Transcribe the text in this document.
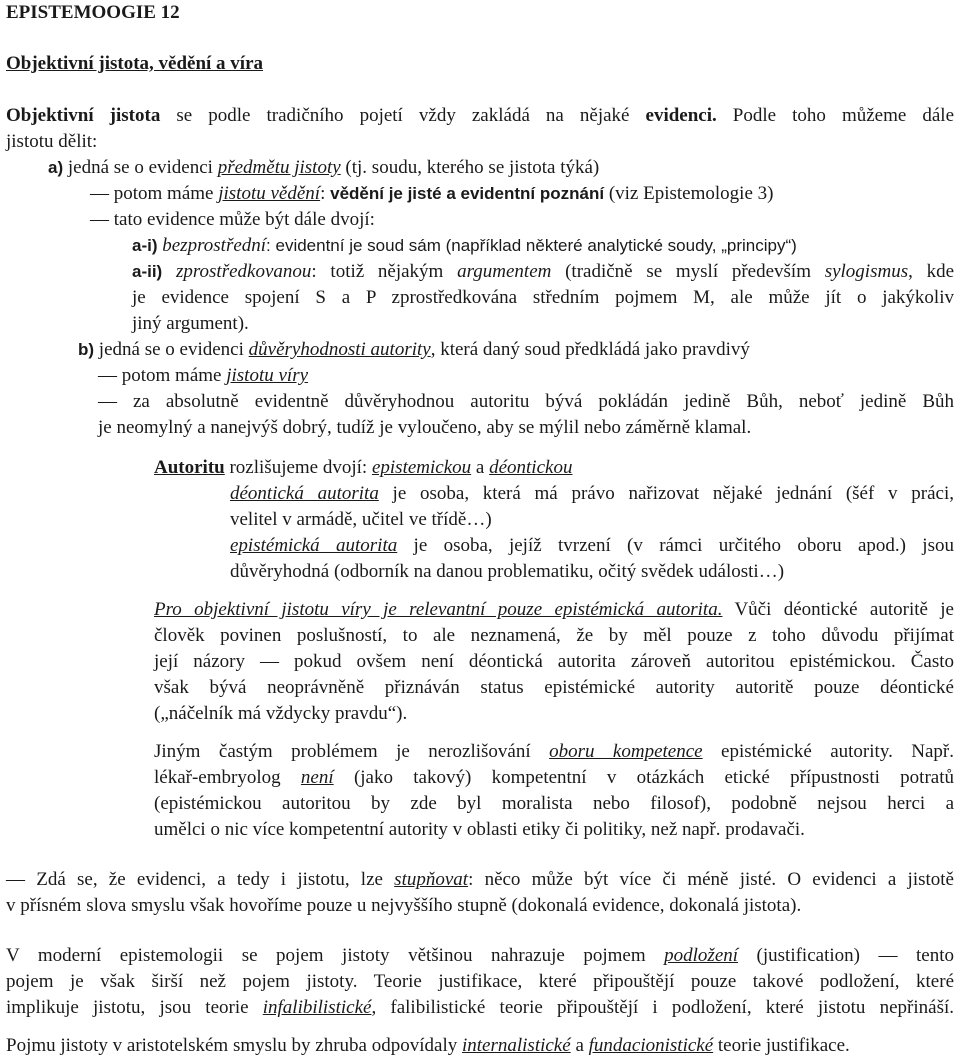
EPISTEMOOGIE 12
Objektivní jistota, vědění a víra
Objektivní jistota se podle tradičního pojetí vždy zakládá na nějaké evidenci. Podle toho můžeme dále
jistotu dělit:
a) jedná se o evidenci předmětu jistoty (tj. soudu, kterého se jistota týká)
— potom máme jistotu vědění: vědění je jisté a evidentní poznání (viz Epistemologie 3)
— tato evidence může být dále dvojí:
a-i) bezprostřední: evidentní je soud sám (například některé analytické soudy, „principy“)
a-ii) zprostředkovanou: totiž nějakým argumentem (tradičně se myslí především sylogismus, kde
je evidence spojení S a P zprostředkována středním pojmem M, ale může jít o jakýkoliv
jiný argument).
b) jedná se o evidenci důvěryhodnosti autority, která daný soud předkládá jako pravdivý
— potom máme jistotu víry
— za absolutně evidentně důvěryhodnou autoritu bývá pokládán jedině Bůh, neboť jedině Bůh
je neomylný a nanejvýš dobrý, tudíž je vyloučeno, aby se mýlil nebo záměrně klamal.
Autoritu rozlišujeme dvojí: epistemickou a déontickou
déontická autorita je osoba, která má právo nařizovat nějaké jednání (šéf v práci,
velitel v armádě, učitel ve třídě…)
epistémická autorita je osoba, jejíž tvrzení (v rámci určitého oboru apod.) jsou
důvěryhodná (odborník na danou problematiku, očitý svědek události…)
Pro objektivní jistotu víry je relevantní pouze epistémická autorita. Vůči déontické autoritě je
člověk povinen poslušností, to ale neznamená, že by měl pouze z toho důvodu přijímat
její názory — pokud ovšem není déontická autorita zároveň autoritou epistémickou. Často
však bývá neoprávněně přiznáván status epistémické autority autoritě pouze déontické
(„náčelník má vždycky pravdu“).
Jiným častým problémem je nerozlišování oboru kompetence epistémické autority. Např.
lékař-embryolog není (jako takový) kompetentní v otázkách etické přípustnosti potratů
(epistémickou autoritou by zde byl moralista nebo filosof), podobně nejsou herci a
umělci o nic více kompetentní autority v oblasti etiky či politiky, než např. prodavači.
— Zdá se, že evidenci, a tedy i jistotu, lze stupňovat: něco může být více či méně jisté. O evidenci a jistotě
v přísném slova smyslu však hovoříme pouze u nejvyššího stupně (dokonalá evidence, dokonalá jistota).
V moderní epistemologii se pojem jistoty většinou nahrazuje pojmem podložení (justification) — tento
pojem je však širší než pojem jistoty. Teorie justifikace, které připouštějí pouze takové podložení, které
implikuje jistotu, jsou teorie infalibilistické, falibilistické teorie připouštějí i podložení, které jistotu nepřináší.
Pojmu jistoty v aristotelském smyslu by zhruba odpovídaly internalistické a fundacionistické teorie justifikace.
